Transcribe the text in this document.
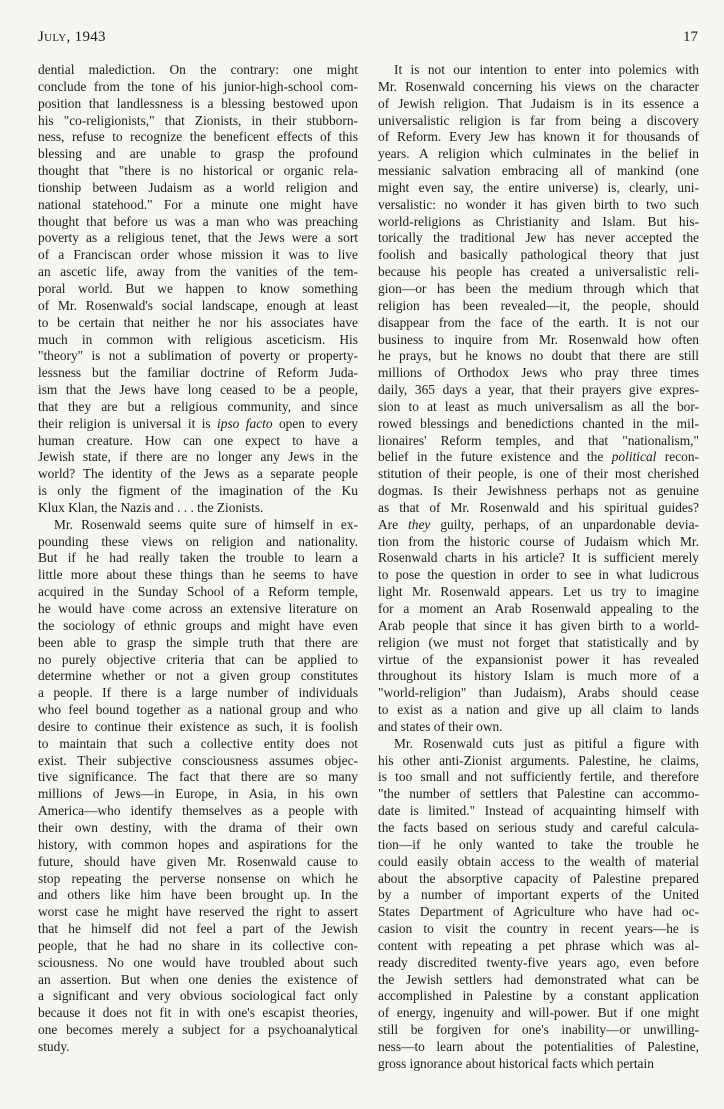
July, 1943	17

dential malediction. On the contrary: one might
conclude from the tone of his junior-high-school com-
position that landlessness is a blessing bestowed upon
his "co-religionists," that Zionists, in their stubborn-
ness, refuse to recognize the beneficent effects of this
blessing and are unable to grasp the profound
thought that "there is no historical or organic rela-
tionship between Judaism as a world religion and
national statehood." For a minute one might have
thought that before us was a man who was preaching
poverty as a religious tenet, that the Jews were a sort
of a Franciscan order whose mission it was to live
an ascetic life, away from the vanities of the tem-
poral world. But we happen to know something
of Mr. Rosenwald's social landscape, enough at least
to be certain that neither he nor his associates have
much in common with religious asceticism. His
"theory" is not a sublimation of poverty or property-
lessness but the familiar doctrine of Reform Juda-
ism that the Jews have long ceased to be a people,
that they are but a religious community, and since
their religion is universal it is ipso facto open to every
human creature. How can one expect to have a
Jewish state, if there are no longer any Jews in the
world? The identity of the Jews as a separate people
is only the figment of the imagination of the Ku
Klux Klan, the Nazis and . . . the Zionists.

Mr. Rosenwald seems quite sure of himself in ex-
pounding these views on religion and nationality.
But if he had really taken the trouble to learn a
little more about these things than he seems to have
acquired in the Sunday School of a Reform temple,
he would have come across an extensive literature on
the sociology of ethnic groups and might have even
been able to grasp the simple truth that there are
no purely objective criteria that can be applied to
determine whether or not a given group constitutes
a people. If there is a large number of individuals
who feel bound together as a national group and who
desire to continue their existence as such, it is foolish
to maintain that such a collective entity does not
exist. Their subjective consciousness assumes objec-
tive significance. The fact that there are so many
millions of Jews—in Europe, in Asia, in his own
America—who identify themselves as a people with
their own destiny, with the drama of their own
history, with common hopes and aspirations for the
future, should have given Mr. Rosenwald cause to
stop repeating the perverse nonsense on which he
and others like him have been brought up. In the
worst case he might have reserved the right to assert
that he himself did not feel a part of the Jewish
people, that he had no share in its collective con-
sciousness. No one would have troubled about such
an assertion. But when one denies the existence of
a significant and very obvious sociological fact only
because it does not fit in with one's escapist theories,
one becomes merely a subject for a psychoanalytical
study.

It is not our intention to enter into polemics with
Mr. Rosenwald concerning his views on the character
of Jewish religion. That Judaism is in its essence a
universalistic religion is far from being a discovery
of Reform. Every Jew has known it for thousands of
years. A religion which culminates in the belief in
messianic salvation embracing all of mankind (one
might even say, the entire universe) is, clearly, uni-
versalistic: no wonder it has given birth to two such
world-religions as Christianity and Islam. But his-
torically the traditional Jew has never accepted the
foolish and basically pathological theory that just
because his people has created a universalistic reli-
gion—or has been the medium through which that
religion has been revealed—it, the people, should
disappear from the face of the earth. It is not our
business to inquire from Mr. Rosenwald how often
he prays, but he knows no doubt that there are still
millions of Orthodox Jews who pray three times
daily, 365 days a year, that their prayers give expres-
sion to at least as much universalism as all the bor-
rowed blessings and benedictions chanted in the mil-
lionaires' Reform temples, and that "nationalism,"
belief in the future existence and the political recon-
stitution of their people, is one of their most cherished
dogmas. Is their Jewishness perhaps not as genuine
as that of Mr. Rosenwald and his spiritual guides?
Are they guilty, perhaps, of an unpardonable devia-
tion from the historic course of Judaism which Mr.
Rosenwald charts in his article? It is sufficient merely
to pose the question in order to see in what ludicrous
light Mr. Rosenwald appears. Let us try to imagine
for a moment an Arab Rosenwald appealing to the
Arab people that since it has given birth to a world-
religion (we must not forget that statistically and by
virtue of the expansionist power it has revealed
throughout its history Islam is much more of a
"world-religion" than Judaism), Arabs should cease
to exist as a nation and give up all claim to lands
and states of their own.

Mr. Rosenwald cuts just as pitiful a figure with
his other anti-Zionist arguments. Palestine, he claims,
is too small and not sufficiently fertile, and therefore
"the number of settlers that Palestine can accommo-
date is limited." Instead of acquainting himself with
the facts based on serious study and careful calcula-
tion—if he only wanted to take the trouble he
could easily obtain access to the wealth of material
about the absorptive capacity of Palestine prepared
by a number of important experts of the United
States Department of Agriculture who have had oc-
casion to visit the country in recent years—he is
content with repeating a pet phrase which was al-
ready discredited twenty-five years ago, even before
the Jewish settlers had demonstrated what can be
accomplished in Palestine by a constant application
of energy, ingenuity and will-power. But if one might
still be forgiven for one's inability—or unwilling-
ness—to learn about the potentialities of Palestine,
gross ignorance about historical facts which pertain
